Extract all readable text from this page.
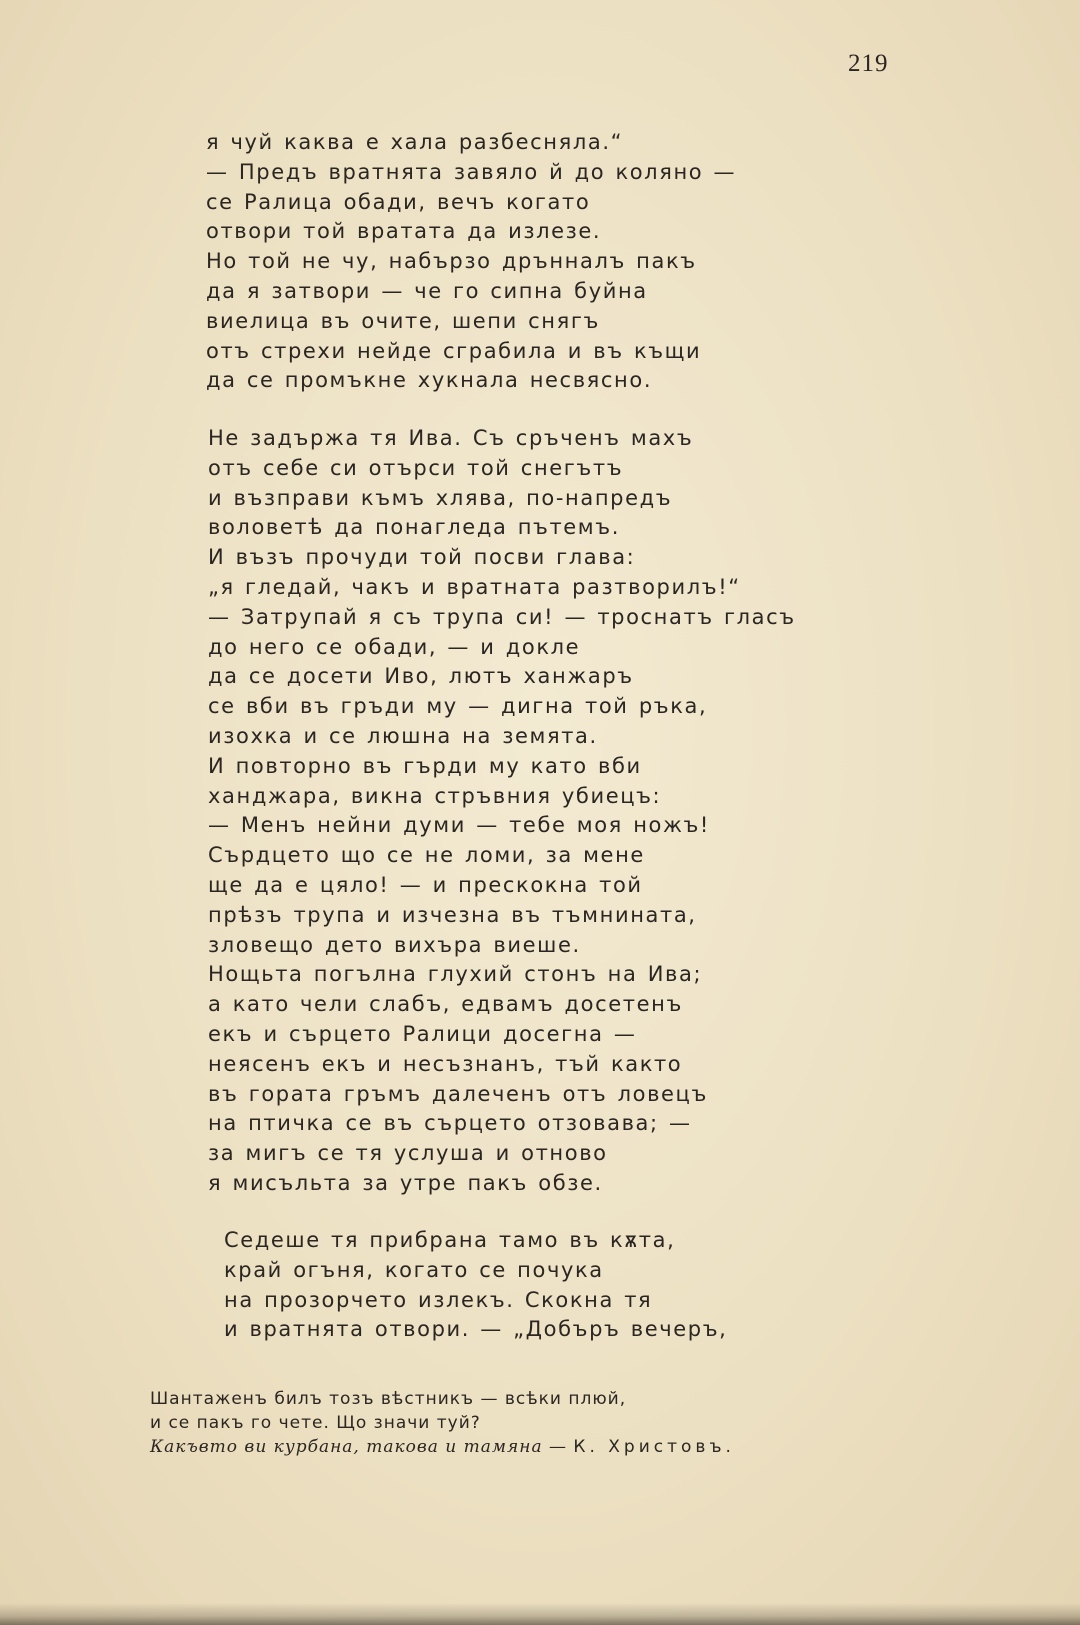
219
я чуй каква е хала разбесняла.“
— Предъ вратнята завяло й до коляно —
се Ралица обади, вечъ когато
отвори той вратата да излезе.
Но той не чу, набързо дрънналъ пакъ
да я затвори — че го сипна буйна
виелица въ очите, шепи снягъ
отъ стрехи нейде сграбила и въ къщи
да се промъкне хукнала несвясно.
Не задържа тя Ива. Съ сръченъ махъ
отъ себе си отърси той снегътъ
и възправи къмъ хлява, по-напредъ
воловетѣ да понагледа пътемъ.
И възъ прочуди той посви глава:
„я гледай, чакъ и вратната разтворилъ!“
— Затрупай я съ трупа си! — троснатъ гласъ
до него се обади, — и докле
да се досети Иво, лютъ ханжаръ
се вби въ гръди му — дигна той ръка,
изохка и се люшна на земята.
И повторно въ гърди му като вби
ханджара, викна стръвния убиецъ:
— Менъ нейни думи — тебе моя ножъ!
Сърдцето що се не ломи, за мене
ще да е цяло! — и прескокна той
прѣзъ трупа и изчезна въ тъмнината,
зловещо дето вихъра виеше.
Нощьта погълна глухий стонъ на Ива;
а като чели слабъ, едвамъ досетенъ
екъ и сърцето Ралици досегна —
неясенъ екъ и несъзнанъ, тъй както
въ гората гръмъ далеченъ отъ ловецъ
на птичка се въ сърцето отзовава; —
за мигъ се тя услуша и отново
я мисъльта за утре пакъ обзе.
Седеше тя прибрана тамо въ кѫта,
край огъня, когато се почука
на прозорчето излекъ. Скокна тя
и вратнята отвори. — „Добъръ вечеръ,
Шантаженъ билъ тозъ вѣстникъ — всѣки плюй,
и се пакъ го чете. Що значи туй?
Какъвто ви курбана, такова и тамяна — К. Христовъ.
